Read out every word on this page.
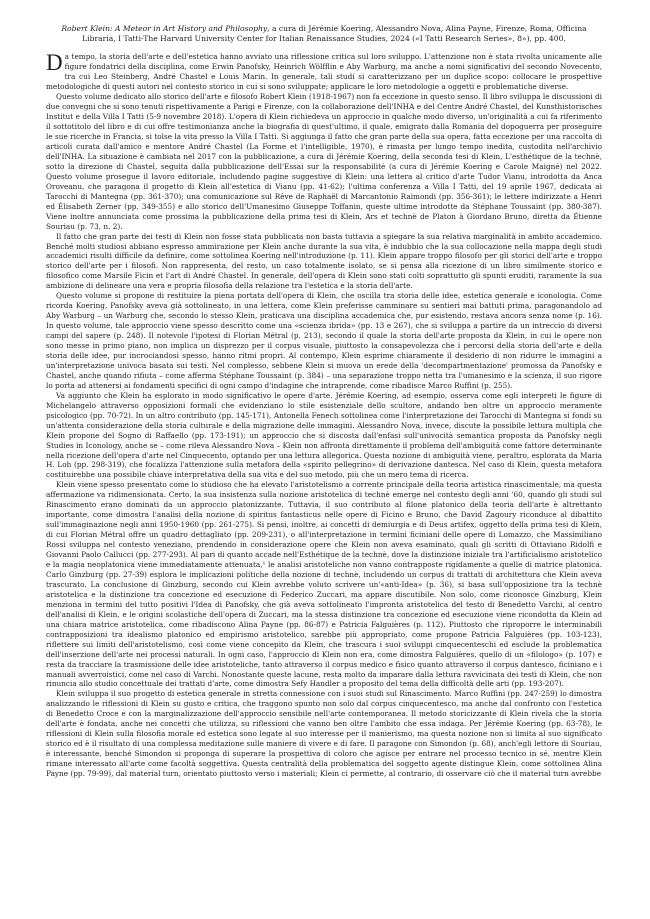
Robert Klein: A Meteor in Art History and Philosophy, a cura di Jérémie Koering, Alessandro Nova, Alina Payne, Firenze, Roma, Officina Libraria, I Tatti-The Harvard University Center for Italian Renaissance Studies, 2024 («I Tatti Research Series», 8»), pp. 400.

Da tempo, la storia dell'arte e dell'estetica hanno avviato una riflessione critica sul loro sviluppo. L'attenzione non è stata rivolta unicamente alle figure fondatrici della disciplina, come Erwin Panofsky, Heinrich Wölfflin e Aby Warburg, ma anche a nomi significativi del secondo Novecento, tra cui Leo Steinberg, André Chastel e Louis Marin. In generale, tali studi si caratterizzano per un duplice scopo: collocare le prospettive metodologiche di questi autori nel contesto storico in cui si sono sviluppate; applicare le loro metodologie a oggetti e problematiche diverse.

Questo volume dedicato allo storico dell'arte e filosofo Robert Klein (1918-1967) non fa eccezione in questo senso. Il libro sviluppa le discussioni di due convegni che si sono tenuti rispettivamente a Parigi e Firenze, con la collaborazione dell'INHA e del Centre André Chastel, del Kunsthistorisches Institut e della Villa I Tatti (5-9 novembre 2018). L'opera di Klein richiedeva un approccio in qualche modo diverso, un'originalità a cui fa riferimento il sottotitolo del libro e di cui offre testimonianza anche la biografia di quest'ultimo, il quale, emigrato dalla Romania del dopoguerra per proseguire le sue ricerche in Francia, si tolse la vita presso la Villa I Tatti. Si aggiunga il fatto che gran parte della sua opera, fatta eccezione per una raccolta di articoli curata dall'amico e mentore André Chastel (La Forme et l'intelligible, 1970), è rimasta per lungo tempo inedita, custodita nell'archivio dell'INHA. La situazione è cambiata nel 2017 con la pubblicazione, a cura di Jérémie Koering, della seconda tesi di Klein, L'esthétique de la technè, sotto la direzione di Chastel, seguita dalla pubblicazione dell'Essai sur la responsabilité (a cura di Jérémie Koering e Carole Maigné) nel 2022. Questo volume prosegue il lavoro editoriale, includendo pagine suggestive di Klein: una lettera al critico d'arte Tudor Vianu, introdotta da Anca Oroveanu, che paragona il progetto di Klein all'estetica di Vianu (pp. 41-62); l'ultima conferenza a Villa I Tatti, del 19 aprile 1967, dedicata ai Tarocchi di Mantegna (pp. 361-370); una comunicazione sul Rêve de Raphaël di Marcantonio Raimondi (pp. 356-361); le lettere indirizzate a Henri ed Élisabeth Zerner (pp. 349-355) e allo storico dell'Umanesimo Giuseppe Toffanin, queste ultime introdotte da Stéphane Toussaint (pp. 380-387). Viene inoltre annunciata come prossima la pubblicazione della prima tesi di Klein, Ars et technè de Platon à Giordano Bruno, diretta da Étienne Souriau (p. 73, n. 2).

Il fatto che gran parte dei testi di Klein non fosse stata pubblicata non basta tuttavia a spiegare la sua relativa marginalità in ambito accademico. Benché molti studiosi abbiano espresso ammirazione per Klein anche durante la sua vita, è indubbio che la sua collocazione nella mappa degli studi accademici risulti difficile da definire, come sottolinea Koering nell'introduzione (p. 11). Klein appare troppo filosofo per gli storici dell'arte e troppo storico dell'arte per i filosofi. Non rappresenta, del resto, un caso totalmente isolato, se si pensa alla ricezione di un libro similmente storico e filosofico come Marsile Ficin et l'art di André Chastel. In generale, dell'opera di Klein sono stati colti soprattutto gli spunti eruditi, raramente la sua ambizione di delineare una vera e propria filosofia della relazione tra l'estetica e la storia dell'arte.

Questo volume si propone di restituire la piena portata dell'opera di Klein, che oscilla tra storia delle idee, estetica generale e iconologia. Come ricorda Koering, Panofsky aveva già sottolineato, in una lettera, come Klein preferisse camminare su sentieri mai battuti prima, paragonandolo ad Aby Warburg – un Warburg che, secondo lo stesso Klein, praticava una disciplina accademica che, pur esistendo, restava ancora senza nome (p. 16). In questo volume, tale approccio viene spesso descritto come una «scienza ibrida» (pp. 13 e 267), che si sviluppa a partire da un intreccio di diversi campi del sapere (p. 248). Il notevole l'ipotesi di Florian Métral (p. 213), secondo il quale la storia dell'arte proposta da Klein, in cui le opere non sono messe in primo piano, non implica un disprezzo per il corpus visuale, piuttosto la consapevolezza che i percorsi della storia dell'arte e della storia delle idee, pur incrociandosi spesso, hanno ritmi propri. Al contempo, Klein esprime chiaramente il desiderio di non ridurre le immagini a un'interpretazione univoca basata sui testi. Nel complesso, sebbene Klein si muova un erede della 'decompartmentazione' promossa da Panofsky e Chastel, anche quando rifiuta – come afferma Stéphane Toussaint (p. 384) – una separazione troppo netta tra l'umanesimo e la scienza, il suo rigore lo porta ad attenersi ai fondamenti specifici di ogni campo d'indagine che intraprende, come ribadisce Marco Ruffini (p. 255).

Va aggiunto che Klein ha esplorato in modo significativo le opere d'arte. Jérémie Koering, ad esempio, osserva come egli interpreti le figure di Michelangelo attraverso opposizioni formali che evidenziano lo stile esistenziale dello scultore, andando ben oltre un approccio meramente psicologico (pp. 70-72). In un altro contributo (pp. 145-171), Antonella Fenech sottolinea come l'interpretazione dei Tarocchi di Mantegna si fondi su un'attenta considerazione della storia culturale e della migrazione delle immagini. Alessandro Nova, invece, discute la possibile lettura multipla che Klein propone del Sogno di Raffaello (pp. 173-191); un approccio che si discosta dall'enfasi sull'univocità semantica proposta da Panofsky negli Studies in Iconology, anche se – come rileva Alessandro Nova – Klein non affronta direttamente il problema dell'ambiguità come fattore determinante nella ricezione dell'opera d'arte nel Cinquecento, optando per una lettura allegorica. Questa nozione di ambiguità viene, peraltro, esplorata da Maria H. Loh (pp. 298-319), che focalizza l'attenzione sulla metafora della «spirito pellegrino» di derivazione dantesca. Nel caso di Klein, questa metafora costituirebbe una possibile chiave interpretativa della sua vita e del suo metodo, più che un mero tema di ricerca.

Klein viene spesso presentato come lo studioso che ha elevato l'aristotelismo a corrente principale della teoria artistica rinascimentale, ma questa affermazione va ridimensionata. Certo, la sua insistenza sulla nozione aristotelica di technè emerge nel contesto degli anni '60, quando gli studi sul Rinascimento erano dominati da un approccio platonizzante. Tuttavia, il suo contributo al filone platonico della teoria dell'arte è altrettanto importante, come dimostra l'analisi della nozione di spiritus fantasticus nelle opere di Ficino e Bruno, che David Zagoury riconduce al dibattito sull'immaginazione negli anni 1950-1960 (pp. 261-275). Si pensi, inoltre, ai concetti di demiurgia e di Deus artifex, oggetto della prima tesi di Klein, di cui Florian Métral offre un quadro dettagliato (pp. 209-231), o all'interpretazione in termini ficiniani delle opere di Lomazzo, che Massimiliano Rossi sviluppa nel contesto veneziano, prendendo in considerazione opere che Klein non aveva esaminato, quali gli scritti di Ottaviano Ridolfi e Giovanni Paolo Callucci (pp. 277-293). Al pari di quanto accade nell'Esthétique de la technè, dove la distinzione iniziale tra l'artificialismo aristotelico e la magia neoplatonica viene immediatamente attenuata,¹ le analisi aristoteliche non vanno contrapposte rigidamente a quelle di matrice platonica. Carlo Ginzburg (pp. 27-39) esplora le implicazioni politiche della nozione di technè, includendo un corpus di trattati di architettura che Klein aveva trascurato. La conclusione di Ginzburg, secondo cui Klein avrebbe voluto scrivere un'«anti-Idea» (p. 36), si basa sull'opposizione tra la technè aristotelica e la distinzione tra concezione ed esecuzione di Federico Zuccari, ma appare discutibile. Non solo, come riconosce Ginzburg, Klein menziona in termini del tutto positivi l'Idea di Panofsky, che già aveva sottolineato l'impronta aristotelica del testo di Benedetto Varchi, al centro dell'analisi di Klein, e le origini scolastiche dell'opera di Zuccari, ma la stessa distinzione tra concezione ed esecuzione viene ricondotta da Klein ad una chiara matrice aristotelica, come ribadiscono Alina Payne (pp. 86-87) e Patricia Falguières (p. 112). Piuttosto che riproporre le interminabili contrapposizioni tra idealismo platonico ed empirismo aristotelico, sarebbe più appropriato, come propone Patricia Falguières (pp. 103-123), riflettere sui limiti dell'aristotelismo, così come viene concepito da Klein, che trascura i suoi sviluppi cinquecenteschi ed esclude la problematica dell'inserzione dell'arte nei processi naturali. In ogni caso, l'approccio di Klein non era, come dimostra Falguières, quello di un «filologo» (p. 107) e resta da tracciare la trasmissione delle idee aristoteliche, tanto attraverso il corpus medico e fisico quanto attraverso il corpus dantesco, ficiniano e i manuali avverroistici, come nel caso di Varchi. Nonostante queste lacune, resta molto da imparare dalla lettura ravvicinata dei testi di Klein, che non rinuncia allo studio concettuale dei trattati d'arte, come dimostra Sefy Handler a proposito del tema della difficoltà delle arti (pp. 193-207).

Klein sviluppa il suo progetto di estetica generale in stretta connessione con i suoi studi sul Rinascimento. Marco Ruffini (pp. 247-259) lo dimostra analizzando le riflessioni di Klein su gusto e critica, che traggono spunto non solo dal corpus cinquecentesco, ma anche dal confronto con l'estetica di Benedetto Croce e con la marginalizzazione dell'approccio sensibile nell'arte contemporanea. Il metodo storicizzante di Klein rivela che la storia dell'arte è fondata, anche nei concetti che utilizza, su riflessioni che vanno ben oltre l'ambito che essa indaga. Per Jérémie Koering (pp. 63-78), le riflessioni di Klein sulla filosofia morale ed estetica sono legate al suo interesse per il manierismo, ma questa nozione non si limita al suo significato storico ed è il risultato di una complessa meditazione sulle maniere di vivere e di fare. Il paragone con Simondon (p. 68), anch'egli lettore di Souriau, è interessante, benché Simondon si proponga di superare la prospettiva di coloro che agisce per entrare nel processo tecnico in sé, mentre Klein rimane interessato all'arte come facoltà soggettiva. Questa centralità della problematica del soggetto agente distingue Klein, come sottolinea Alina Payne (pp. 79-99), dal material turn, orientato piuttosto verso i materiali; Klein ci permette, al contrario, di osservare ciò che il material turn avrebbe
